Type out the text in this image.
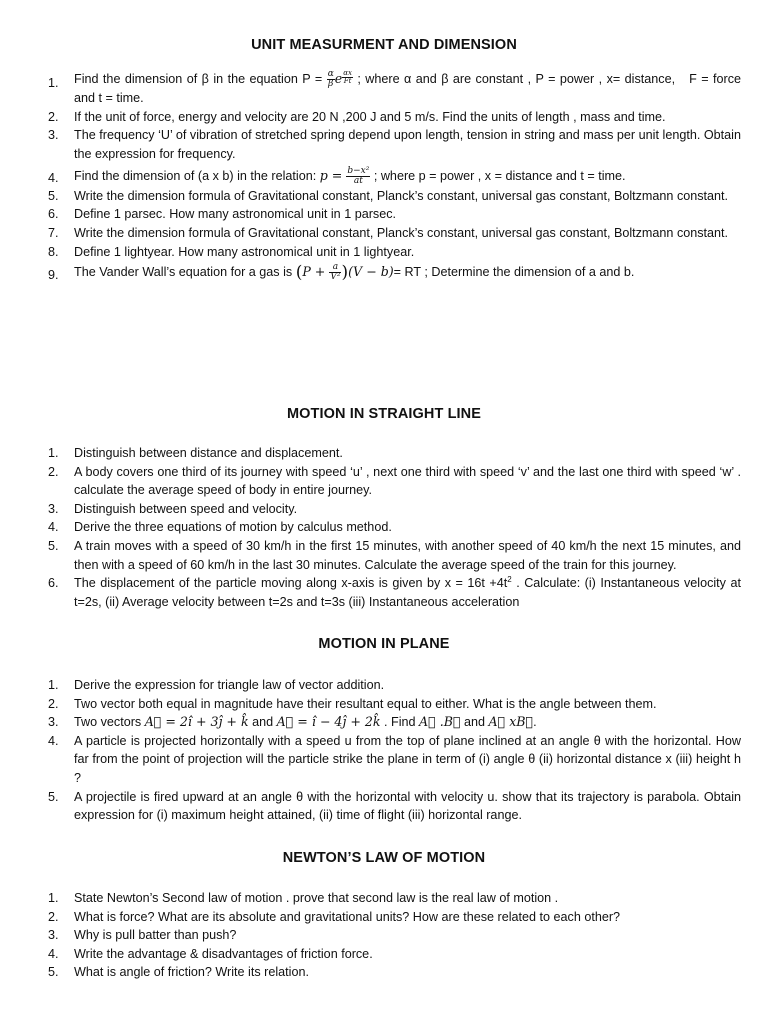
UNIT MEASURMENT AND DIMENSION
1. Find the dimension of β in the equation $P = \frac{\alpha}{\beta}$ e $\frac{\alpha x}{Ft}$ ; where α and β are constant , P = power , x= distance, F = force and t = time.
2. If the unit of force, energy and velocity are 20 N ,200 J and 5 m/s. Find the units of length , mass and time.
3. The frequency ‘U’ of vibration of stretched spring depend upon length, tension in string and mass per unit length. Obtain the expression for frequency.
4. Find the dimension of (a x b) in the relation: $p = \frac{\text{b−x²}}{at}$ ; where p = power , x = distance and t = time.
5. Write the dimension formula of Gravitational constant, Planck’s constant, universal gas constant, Boltzmann constant.
6. Define 1 parsec. How many astronomical unit in 1 parsec.
7. Write the dimension formula of Gravitational constant, Planck’s constant, universal gas constant, Boltzmann constant.
8. Define 1 lightyear. How many astronomical unit in 1 lightyear.
9. The Vander Wall’s equation for a gas is $(P + \frac{a}{\text{V²}} )(V - b)=$ RT ; Determine the dimension of a and b.
MOTION IN STRAIGHT LINE
1. Distinguish between distance and displacement.
2. A body covers one third of its journey with speed ‘u’ , next one third with speed ‘v’ and the last one third with speed ‘w’ . calculate the average speed of body in entire journey.
3. Distinguish between speed and velocity.
4. Derive the three equations of motion by calculus method.
5. A train moves with a speed of 30 km/h in the first 15 minutes, with another speed of 40 km/h the next 15 minutes, and then with a speed of 60 km/h in the last 30 minutes. Calculate the average speed of the train for this journey.
6. The displacement of the particle moving along x-axis is given by $x = 16t +4t^2$ . Calculate: (i) Instantaneous velocity at t=2s, (ii) Average velocity between t=2s and t=3s (iii) Instantaneous acceleration
MOTION IN PLANE
1. Derive the expression for triangle law of vector addition.
2. Two vector both equal in magnitude have their resultant equal to either. What is the angle between them.
3. Two vectors A⃗ = 2î + 3ĵ + k̂ and A⃗ = î − 4ĵ + 2k̂ . Find A⃗ .B⃗ and A⃗ xB⃗.
4. A particle is projected horizontally with a speed u from the top of plane inclined at an angle θ with the horizontal. How far from the point of projection will the particle strike the plane in term of (i) angle θ (ii) horizontal distance x (iii) height h ?
5. A projectile is fired upward at an angle θ with the horizontal with velocity u. show that its trajectory is parabola. Obtain expression for (i) maximum height attained, (ii) time of flight (iii) horizontal range.
NEWTON’S LAW OF MOTION
1. State Newton’s Second law of motion . prove that second law is the real law of motion .
2. What is force? What are its absolute and gravitational units? How are these related to each other?
3. Why is pull batter than push?
4. Write the advantage & disadvantages of friction force.
5. What is angle of friction? Write its relation.
